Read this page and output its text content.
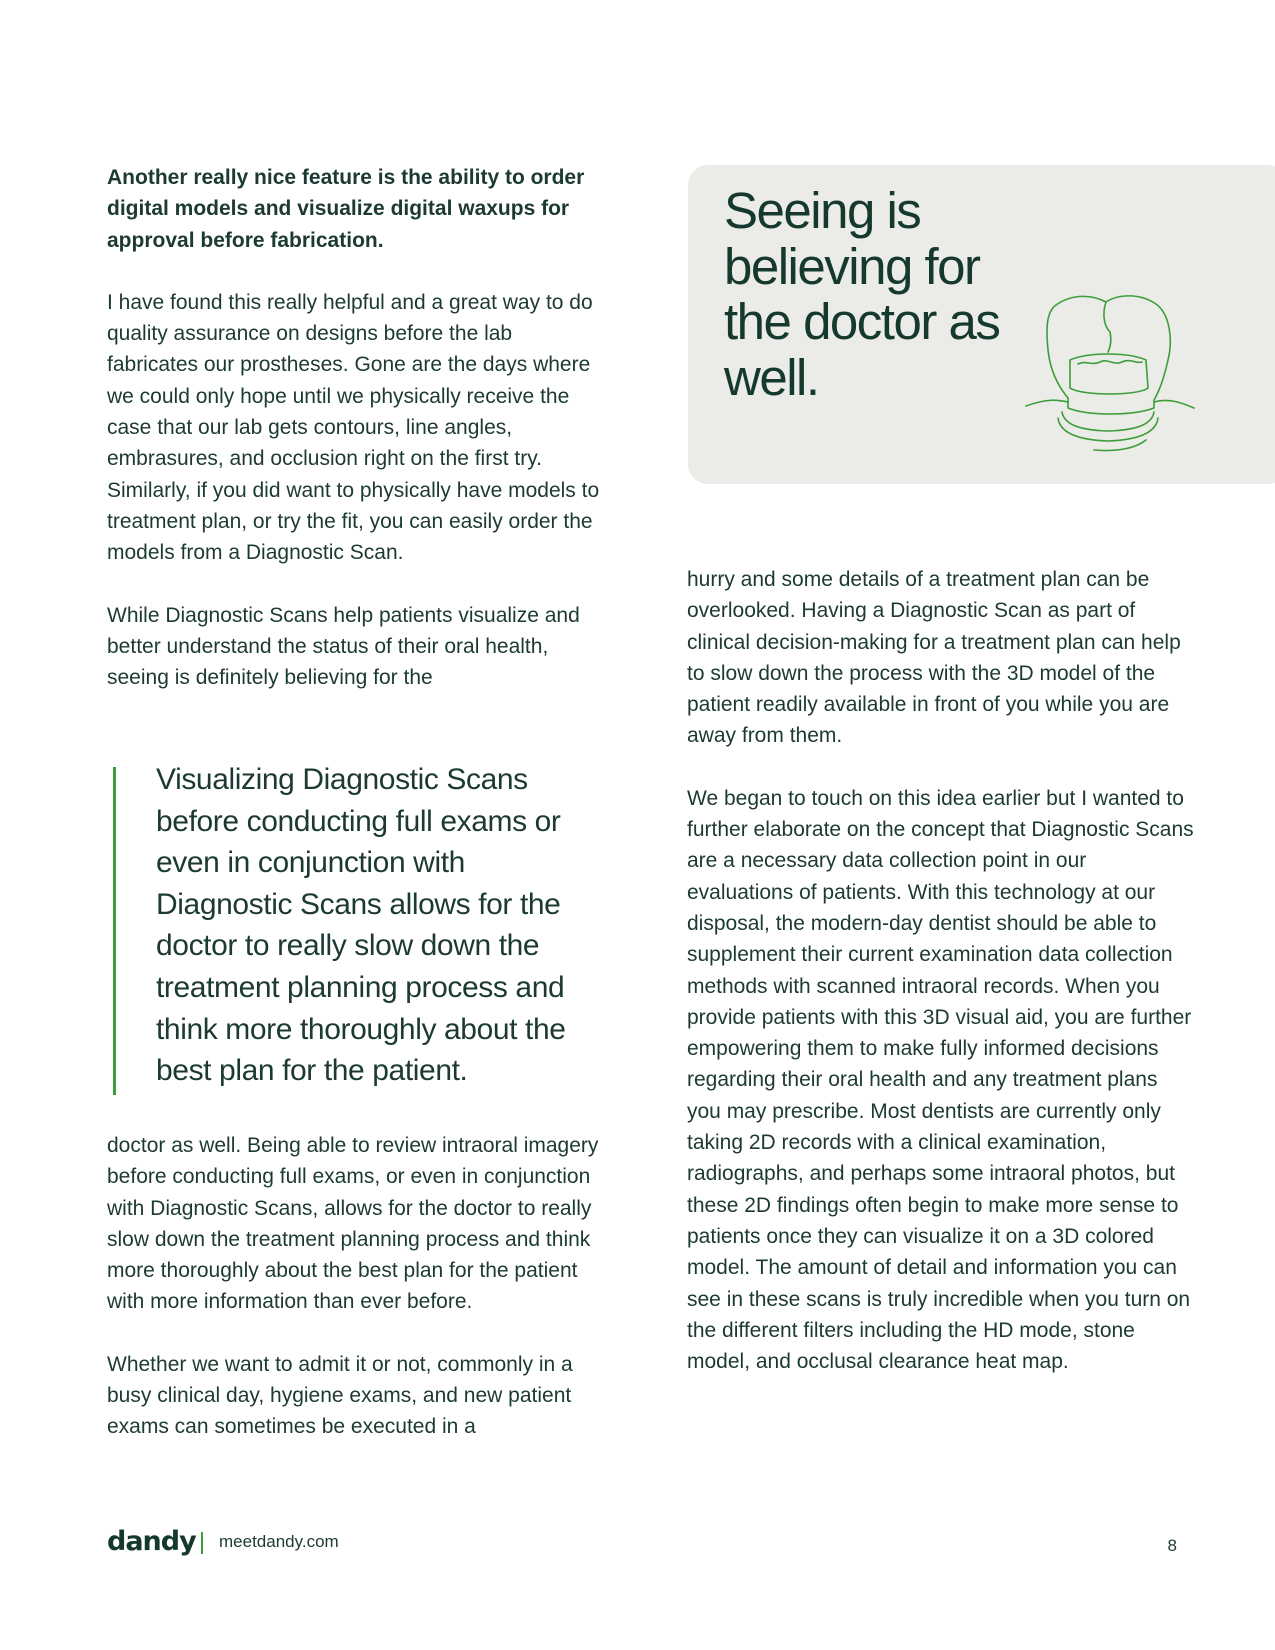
Another really nice feature is the ability to order digital models and visualize digital waxups for approval before fabrication.

I have found this really helpful and a great way to do quality assurance on designs before the lab fabricates our prostheses. Gone are the days where we could only hope until we physically receive the case that our lab gets contours, line angles, embrasures, and occlusion right on the first try. Similarly, if you did want to physically have models to treatment plan, or try the fit, you can easily order the models from a Diagnostic Scan.

While Diagnostic Scans help patients visualize and better understand the status of their oral health, seeing is definitely believing for the

Visualizing Diagnostic Scans before conducting full exams or even in conjunction with Diagnostic Scans allows for the doctor to really slow down the treatment planning process and think more thoroughly about the best plan for the patient.

doctor as well. Being able to review intraoral imagery before conducting full exams, or even in conjunction with Diagnostic Scans, allows for the doctor to really slow down the treatment planning process and think more thoroughly about the best plan for the patient with more information than ever before.

Whether we want to admit it or not, commonly in a busy clinical day, hygiene exams, and new patient exams can sometimes be executed in a

Seeing is believing for the doctor as well.

hurry and some details of a treatment plan can be overlooked. Having a Diagnostic Scan as part of clinical decision-making for a treatment plan can help to slow down the process with the 3D model of the patient readily available in front of you while you are away from them.

We began to touch on this idea earlier but I wanted to further elaborate on the concept that Diagnostic Scans are a necessary data collection point in our evaluations of patients. With this technology at our disposal, the modern-day dentist should be able to supplement their current examination data collection methods with scanned intraoral records. When you provide patients with this 3D visual aid, you are further empowering them to make fully informed decisions regarding their oral health and any treatment plans you may prescribe. Most dentists are currently only taking 2D records with a clinical examination, radiographs, and perhaps some intraoral photos, but these 2D findings often begin to make more sense to patients once they can visualize it on a 3D colored model. The amount of detail and information you can see in these scans is truly incredible when you turn on the different filters including the HD mode, stone model, and occlusal clearance heat map.

dandy meetdandy.com	8
